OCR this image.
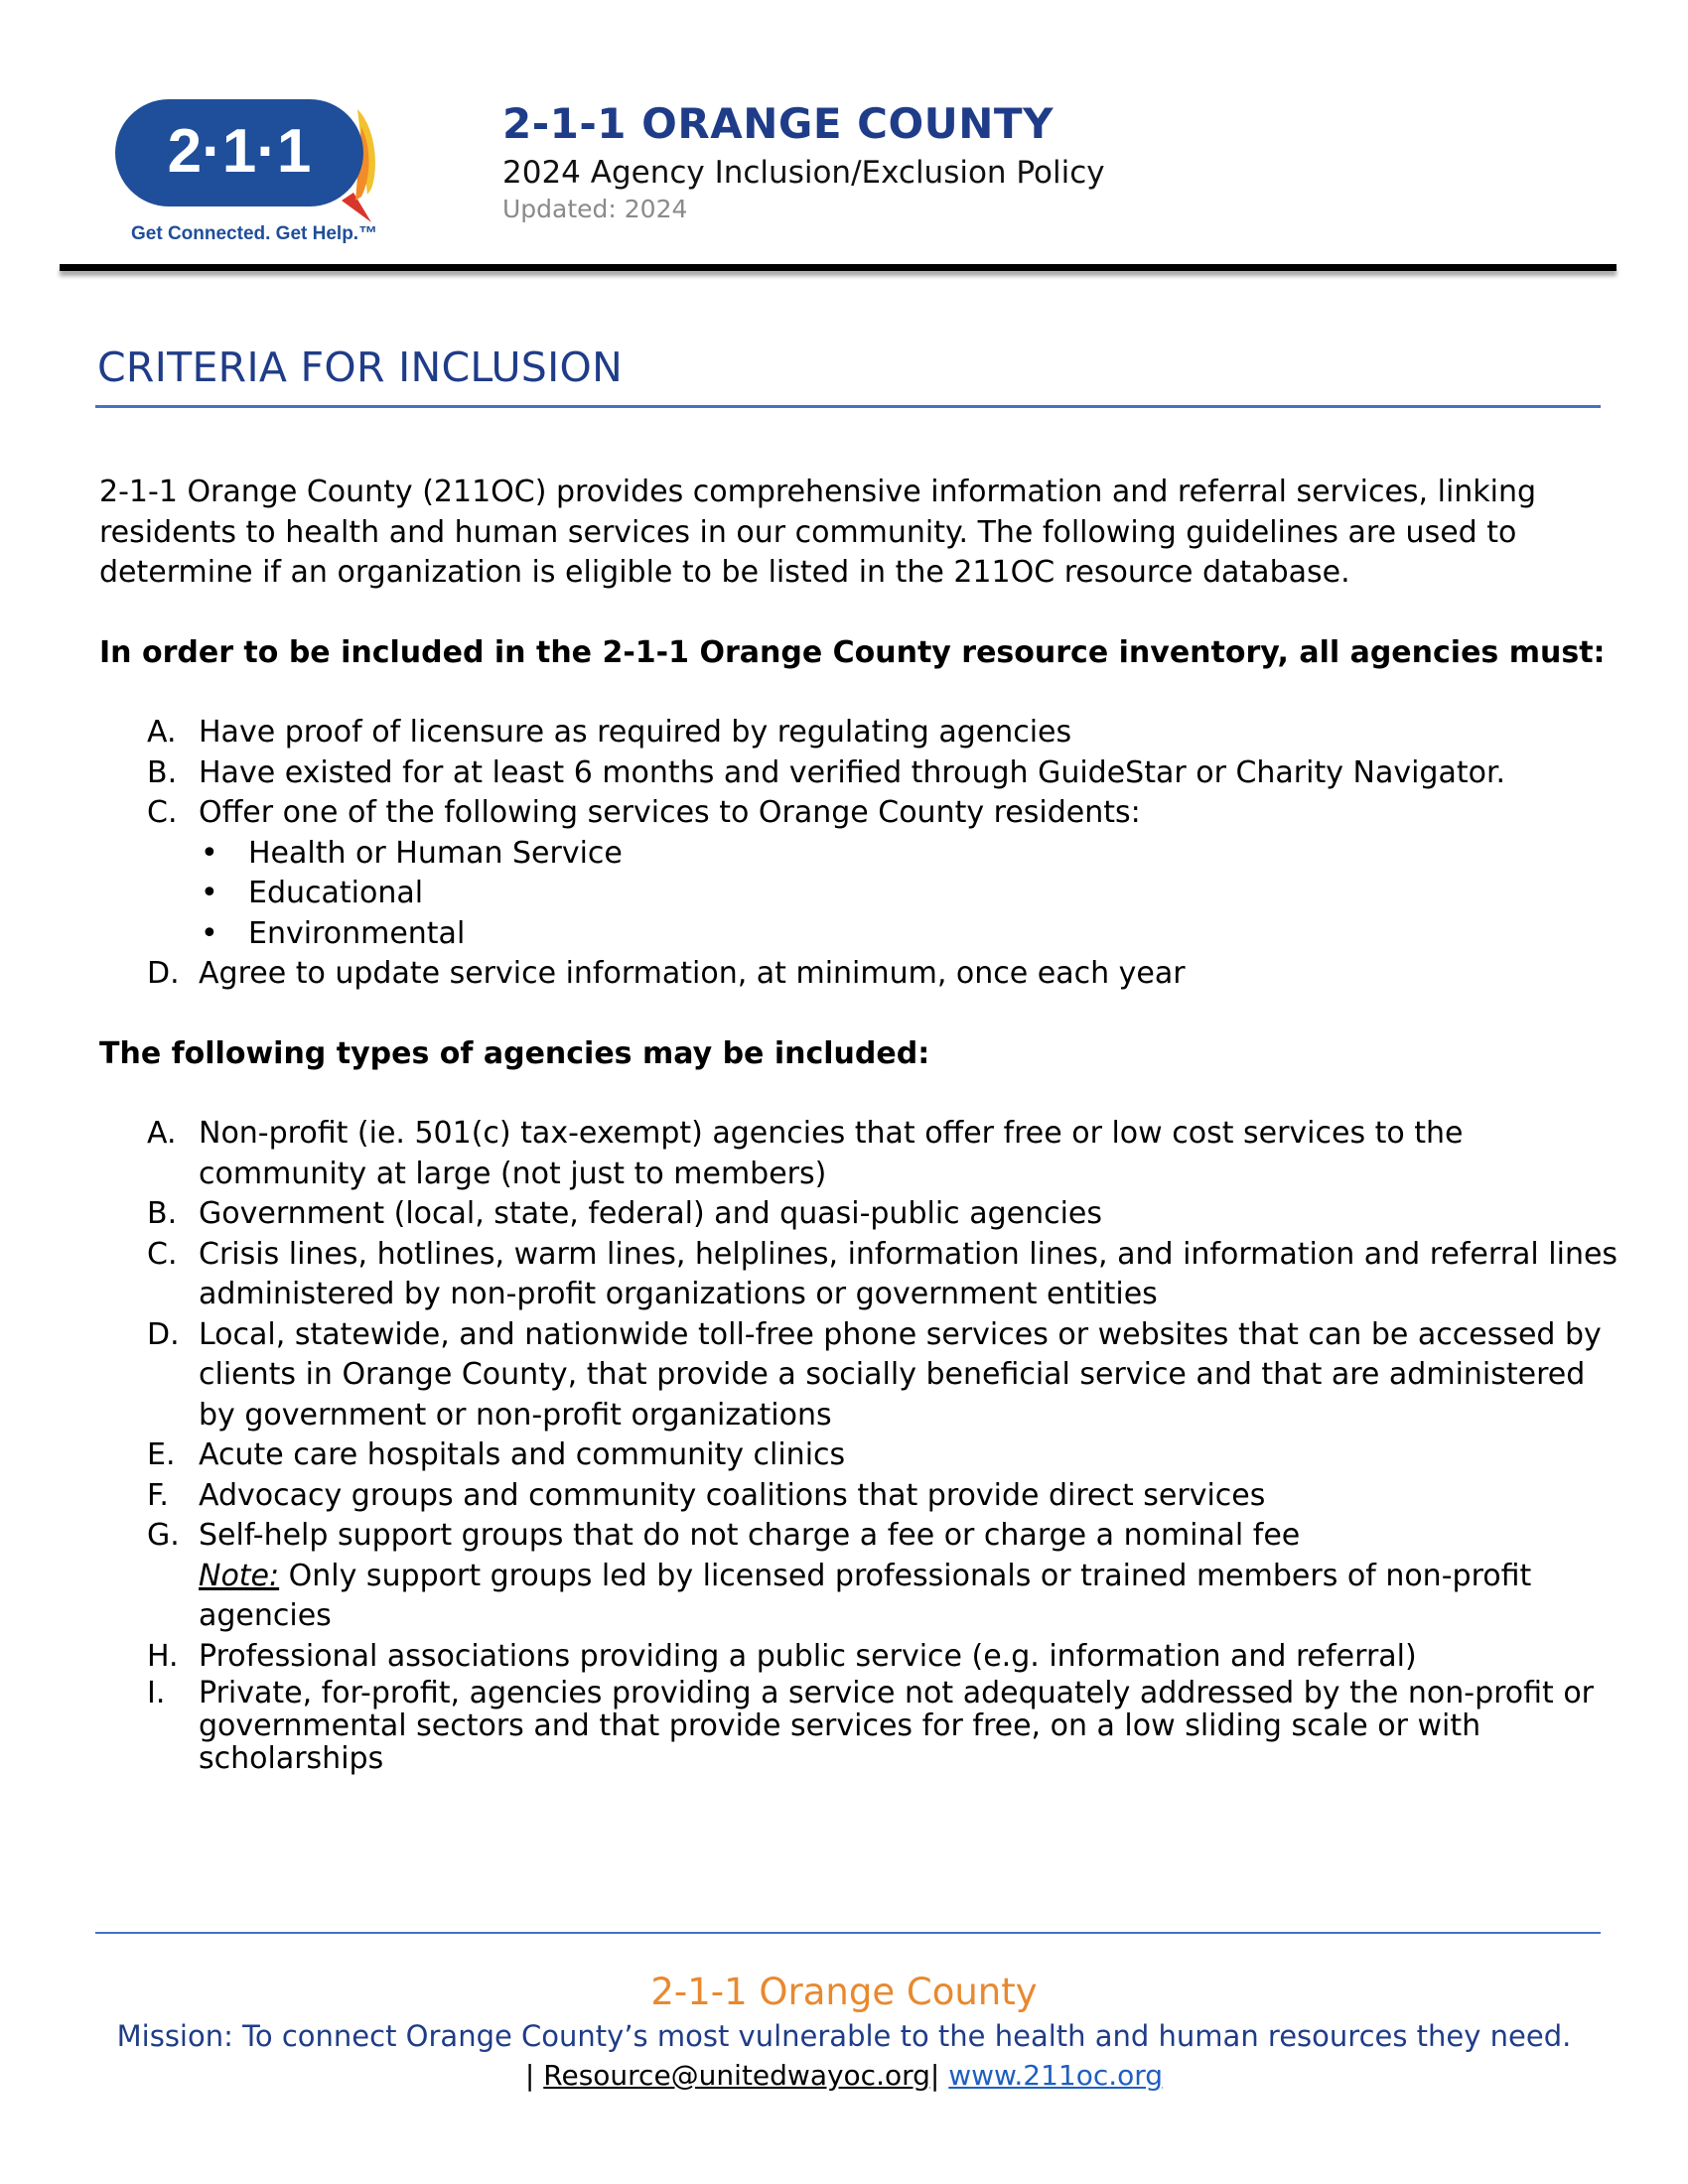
2·1·1
Get Connected. Get Help.™
2-1-1 ORANGE COUNTY
2024 Agency Inclusion/Exclusion Policy
Updated: 2024
CRITERIA FOR INCLUSION

2-1-1 Orange County (211OC) provides comprehensive information and referral services, linking residents to health and human services in our community. The following guidelines are used to determine if an organization is eligible to be listed in the 211OC resource database.

In order to be included in the 2-1-1 Orange County resource inventory, all agencies must:

A. Have proof of licensure as required by regulating agencies
B. Have existed for at least 6 months and verified through GuideStar or Charity Navigator.
C. Offer one of the following services to Orange County residents:
• Health or Human Service
• Educational
• Environmental
D. Agree to update service information, at minimum, once each year

The following types of agencies may be included:

A. Non-profit (ie. 501(c) tax-exempt) agencies that offer free or low cost services to the community at large (not just to members)
B. Government (local, state, federal) and quasi-public agencies
C. Crisis lines, hotlines, warm lines, helplines, information lines, and information and referral lines administered by non-profit organizations or government entities
D. Local, statewide, and nationwide toll-free phone services or websites that can be accessed by clients in Orange County, that provide a socially beneficial service and that are administered by government or non-profit organizations
E. Acute care hospitals and community clinics
F. Advocacy groups and community coalitions that provide direct services
G. Self-help support groups that do not charge a fee or charge a nominal fee
Note: Only support groups led by licensed professionals or trained members of non-profit agencies
H. Professional associations providing a public service (e.g. information and referral)
I. Private, for-profit, agencies providing a service not adequately addressed by the non-profit or governmental sectors and that provide services for free, on a low sliding scale or with scholarships
2-1-1 Orange County
Mission: To connect Orange County’s most vulnerable to the health and human resources they need.
| Resource@unitedwayoc.org| www.211oc.org
